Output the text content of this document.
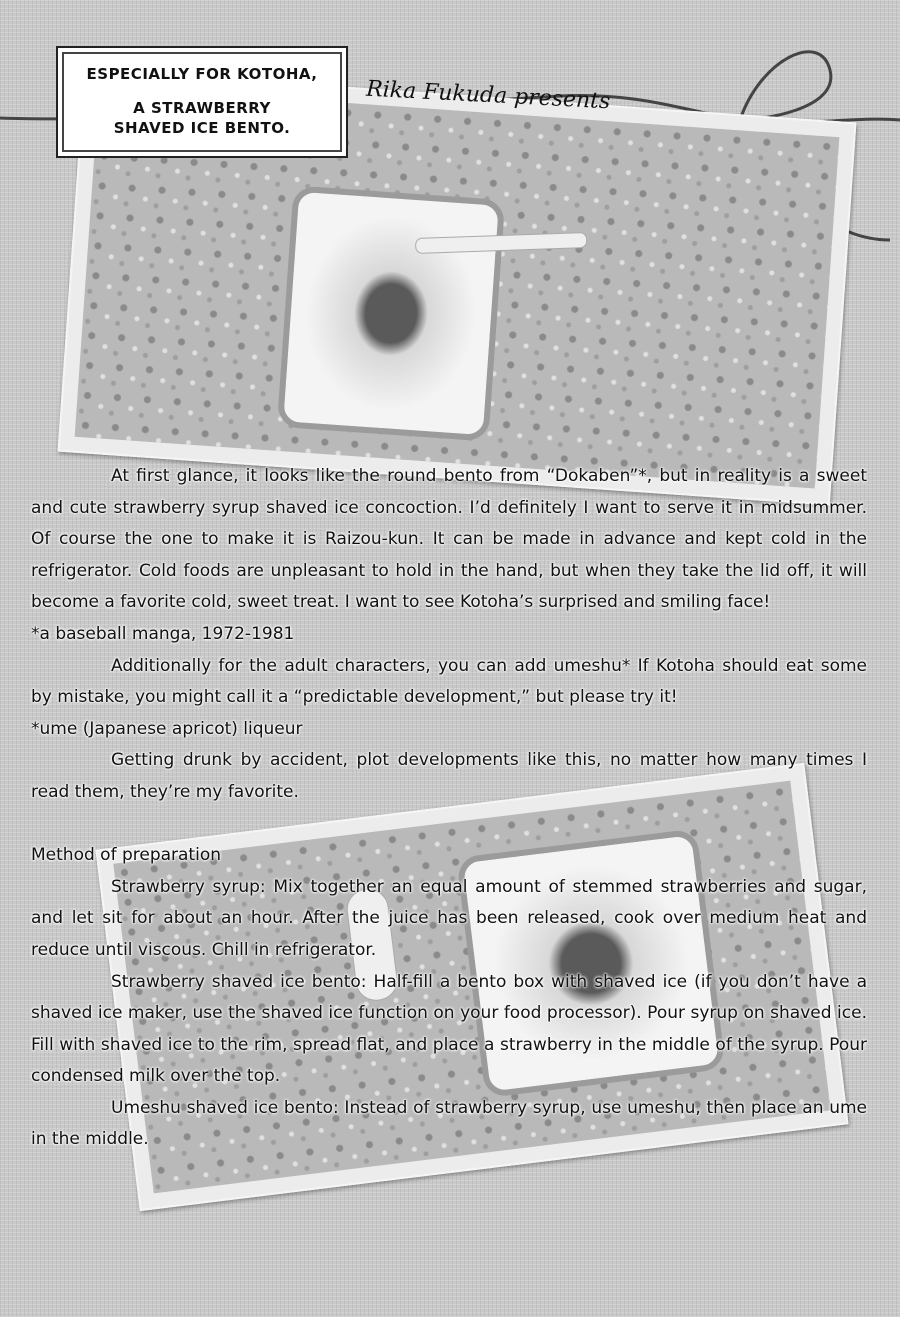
ESPECIALLY FOR KOTOHA,
A STRAWBERRY
SHAVED ICE BENTO.
Rika Fukuda presents

At first glance, it looks like the round bento from “Dokaben”*, but in reality is a sweet and cute strawberry syrup shaved ice concoction. I’d definitely I want to serve it in midsummer. Of course the one to make it is Raizou-kun. It can be made in advance and kept cold in the refrigerator. Cold foods are unpleasant to hold in the hand, but when they take the lid off, it will become a favorite cold, sweet treat. I want to see Kotoha’s surprised and smiling face!

*a baseball manga, 1972-1981

Additionally for the adult characters, you can add umeshu* If Kotoha should eat some by mistake, you might call it a “predictable development,” but please try it!

*ume (Japanese apricot) liqueur

Getting drunk by accident, plot developments like this, no matter how many times I read them, they’re my favorite.

Method of preparation

Strawberry syrup: Mix together an equal amount of stemmed strawberries and sugar, and let sit for about an hour. After the juice has been released, cook over medium heat and reduce until viscous. Chill in refrigerator.

Strawberry shaved ice bento: Half-fill a bento box with shaved ice (if you don’t have a shaved ice maker, use the shaved ice function on your food processor). Pour syrup on shaved ice. Fill with shaved ice to the rim, spread flat, and place a strawberry in the middle of the syrup. Pour condensed milk over the top.

Umeshu shaved ice bento: Instead of strawberry syrup, use umeshu, then place an ume in the middle.
